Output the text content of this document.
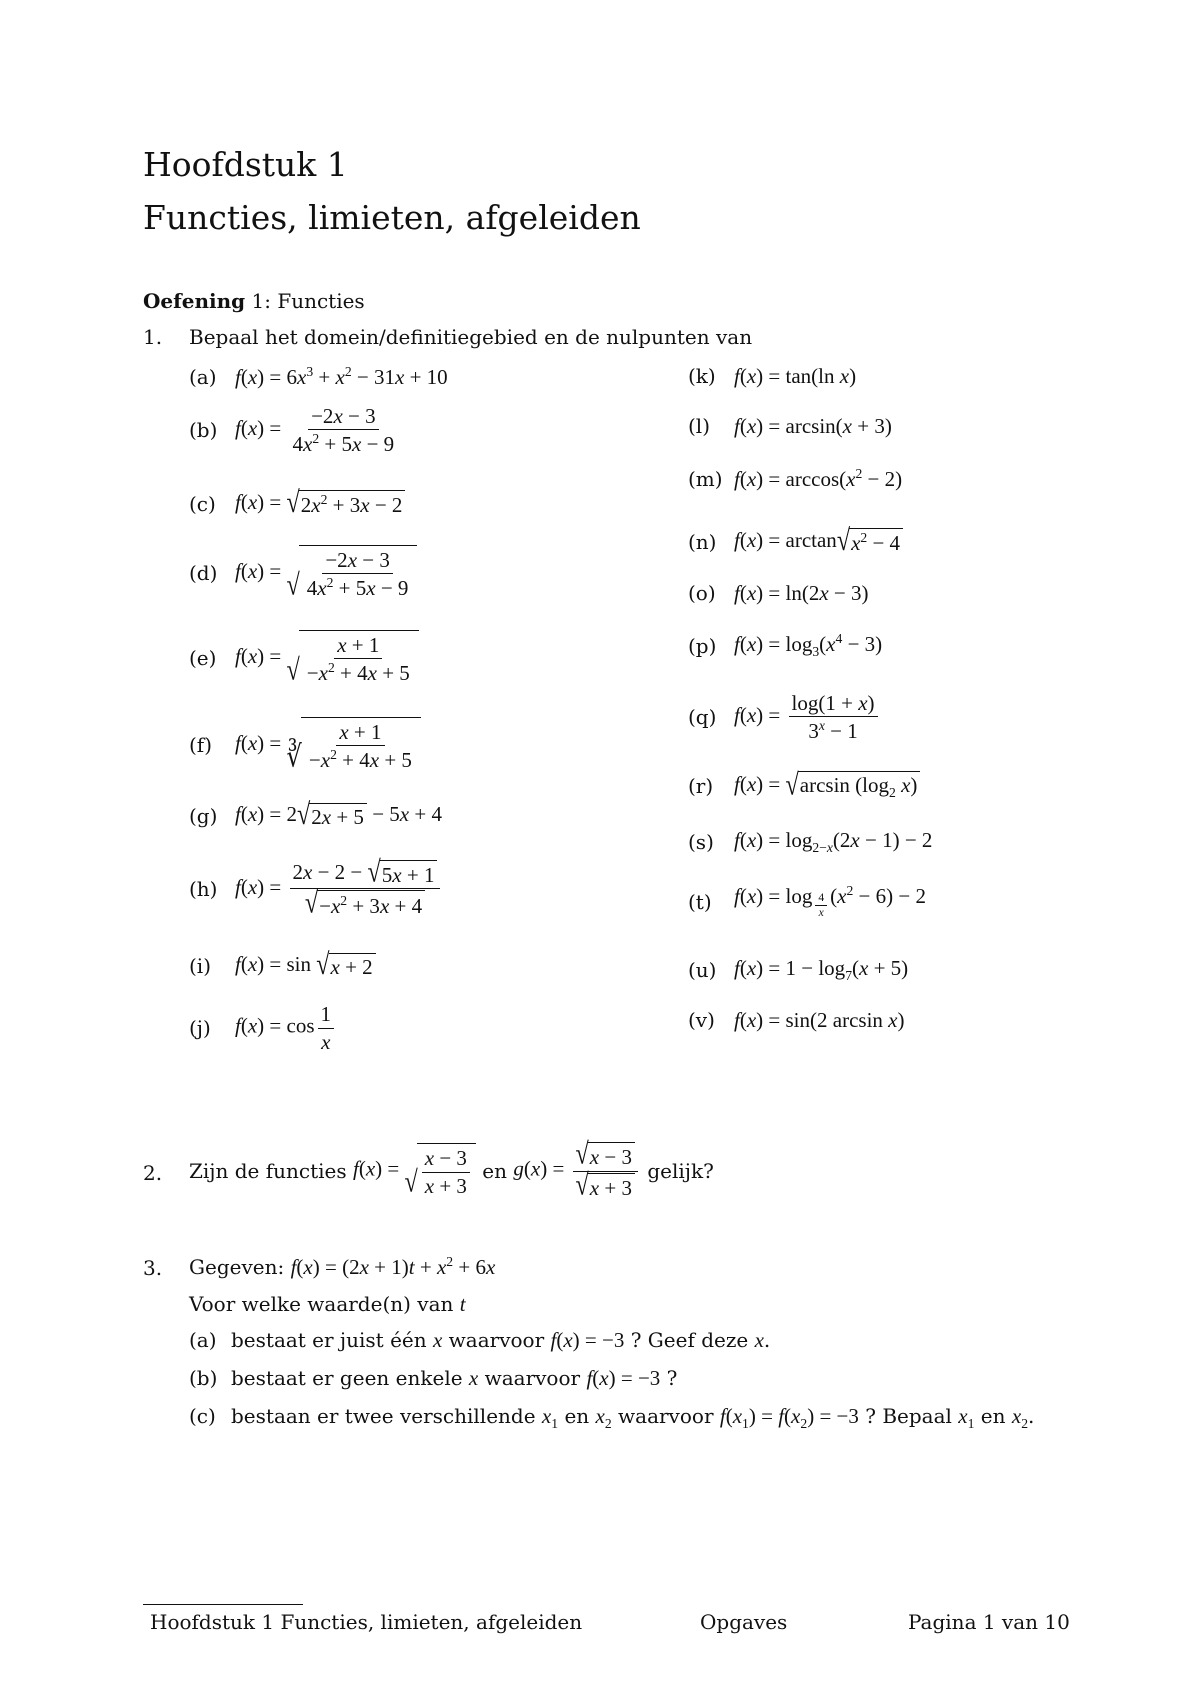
Hoofdstuk 1
Functies, limieten, afgeleiden
Oefening 1: Functies
1. Bepaal het domein/definitiegebied en de nulpunten van
(a) $f(x) = 6x^3 + x^2 - 31x + 10$
(b) $f(x) = \frac{-2x - 3}{4x^2 + 5x - 9}$
(c) f(x) = √ $2x^2 + 3x - 2$
(d) f(x) = √ $\frac{-2x - 3}{4x^2 + 5x - 9}$
(e) f(x) = √ $\frac{x + 1}{-x^2 + 4x + 5}$
(f)	f(x) = ∛ $\frac{x + 1}{-x^2 + 4x + 5}$
(g) f(x) = 2 √ 2x + 5 − 5x + 4
(h) $f(x) = \frac{2x - 2 - √ 5x + 1}{√ -x^2 + 3x + 4}$
(i)	f(x) = sin √ x + 2
(j)	$f(x) = \cos \frac{1}{x}$
(k) f(x) = tan(ln x)
(l)	f(x) = arcsin(x + 3)
(m) $f(x) = \arccos(x^2 - 2)$
(n) f(x) = arctan √ $x^2 - 4$
(o) f(x) = ln(2x − 3)
(p) $f(x) = \log_3(x^4 - 3)$
(q) $f(x) = \frac{\log(1 + x)}{3^x - 1}$
(r) f(x) = √ $\arcsin (\log_2$ x)
(s) $f(x) = \log_{2-x}(2x - 1) - 2$
(t)	f(x) = log $_{\frac{4}{x}}$ $(x^2 - 6) - 2$
(u) $f(x) = 1 - \log_7(x + 5)$
(v) f(x) = sin(2 arcsin x)
2. Zijn de functies
f(x) = √ $\frac{x - 3}{x + 3}$
en
$g(x) = \frac{√ x - 3}{√ x + 3}$
gelijk?
3. Gegeven: $f(x) = (2x + 1)t + x^2 + 6x$
Voor welke waarde(n) van t
(a) bestaat er juist één x waarvoor f(x) = −3 ? Geef deze x.
(b) bestaat er geen enkele x waarvoor f(x) = −3 ?
(c) bestaan er twee verschillende $x_1$ en $x_2$ waarvoor $f(x_1) = f(x_2) = -3$ ? Bepaal $x_1$ en $x_2$.
Hoofdstuk 1 Functies, limieten, afgeleiden	Opgaves	Pagina 1 van 10
